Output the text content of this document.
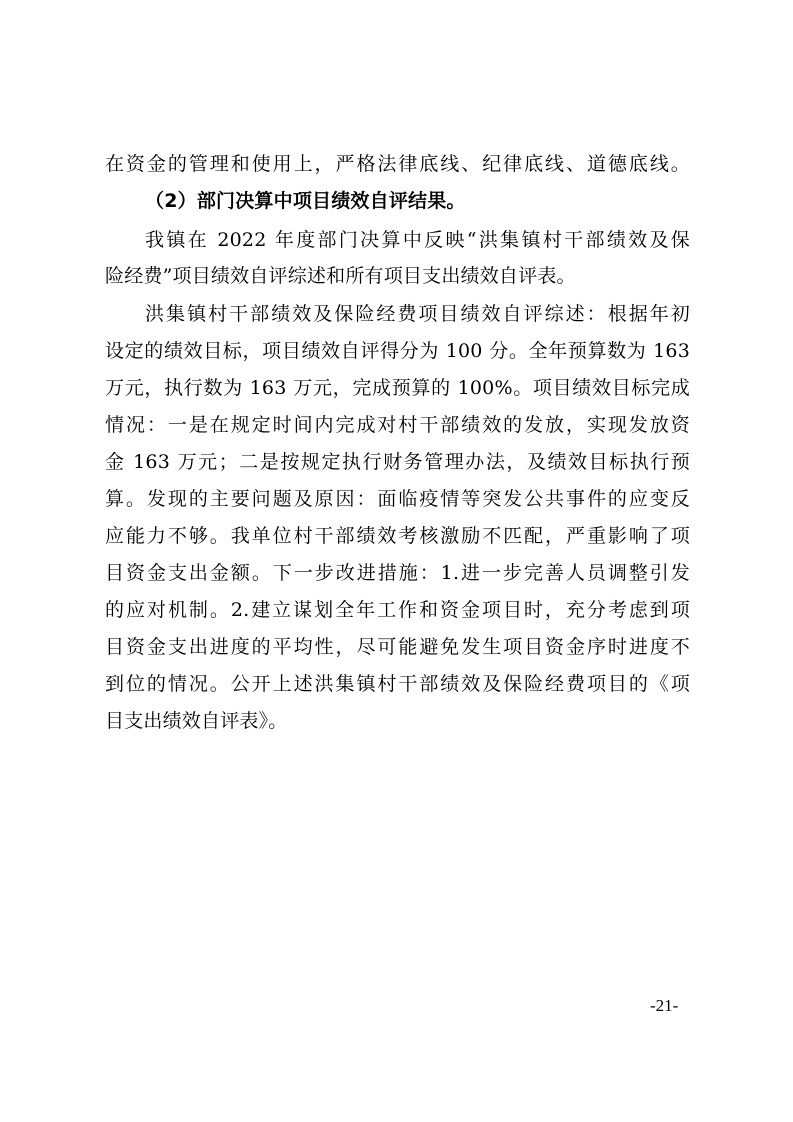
在资金的管理和使用上，严格法律底线、纪律底线、道德底线。
（2）部门决算中项目绩效自评结果。
我镇在 2022 年度部门决算中反映“洪集镇村干部绩效及保
险经费”项目绩效自评综述和所有项目支出绩效自评表。
洪集镇村干部绩效及保险经费项目绩效自评综述：根据年初
设定的绩效目标，项目绩效自评得分为 100 分。全年预算数为 163
万元，执行数为 163 万元，完成预算的 100%。项目绩效目标完成
情况：一是在规定时间内完成对村干部绩效的发放，实现发放资
金 163 万元；二是按规定执行财务管理办法，及绩效目标执行预
算。发现的主要问题及原因：面临疫情等突发公共事件的应变反
应能力不够。我单位村干部绩效考核激励不匹配，严重影响了项
目资金支出金额。下一步改进措施：1.进一步完善人员调整引发
的应对机制。2.建立谋划全年工作和资金项目时，充分考虑到项
目资金支出进度的平均性，尽可能避免发生项目资金序时进度不
到位的情况。公开上述洪集镇村干部绩效及保险经费项目的《项
目支出绩效自评表》。
-21-
